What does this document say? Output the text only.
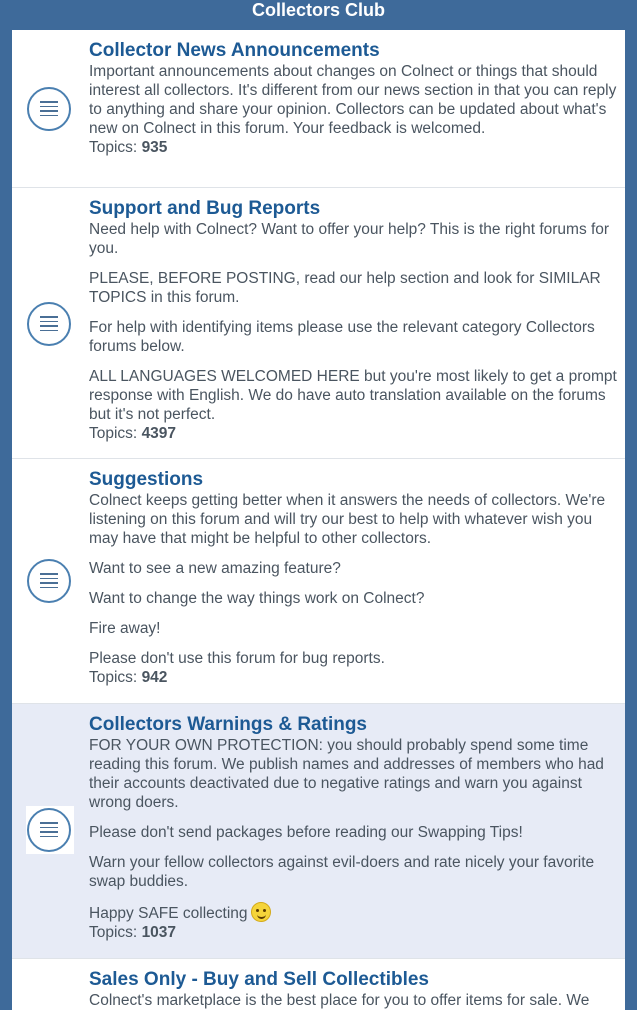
Collectors Club
Collector News Announcements

Important announcements about changes on Colnect or things that should interest all collectors. It's different from our news section in that you can reply to anything and share your opinion. Collectors can be updated about what's new on Colnect in this forum. Your feedback is welcomed.

Topics: 935
Support and Bug Reports

Need help with Colnect? Want to offer your help? This is the right forums for you.

PLEASE, BEFORE POSTING, read our help section and look for SIMILAR TOPICS in this forum.

For help with identifying items please use the relevant category Collectors forums below.

ALL LANGUAGES WELCOMED HERE but you're most likely to get a prompt response with English. We do have auto translation available on the forums but it's not perfect.

Topics: 4397
Suggestions

Colnect keeps getting better when it answers the needs of collectors. We're listening on this forum and will try our best to help with whatever wish you may have that might be helpful to other collectors.

Want to see a new amazing feature?

Want to change the way things work on Colnect?

Fire away!

Please don't use this forum for bug reports.

Topics: 942
Collectors Warnings & Ratings

FOR YOUR OWN PROTECTION: you should probably spend some time reading this forum. We publish names and addresses of members who had their accounts deactivated due to negative ratings and warn you against wrong doers.

Please don't send packages before reading our Swapping Tips!

Warn your fellow collectors against evil-doers and rate nicely your favorite swap buddies.

Happy SAFE collecting

Topics: 1037
Sales Only - Buy and Sell Collectibles

Colnect's marketplace is the best place for you to offer items for sale. We
